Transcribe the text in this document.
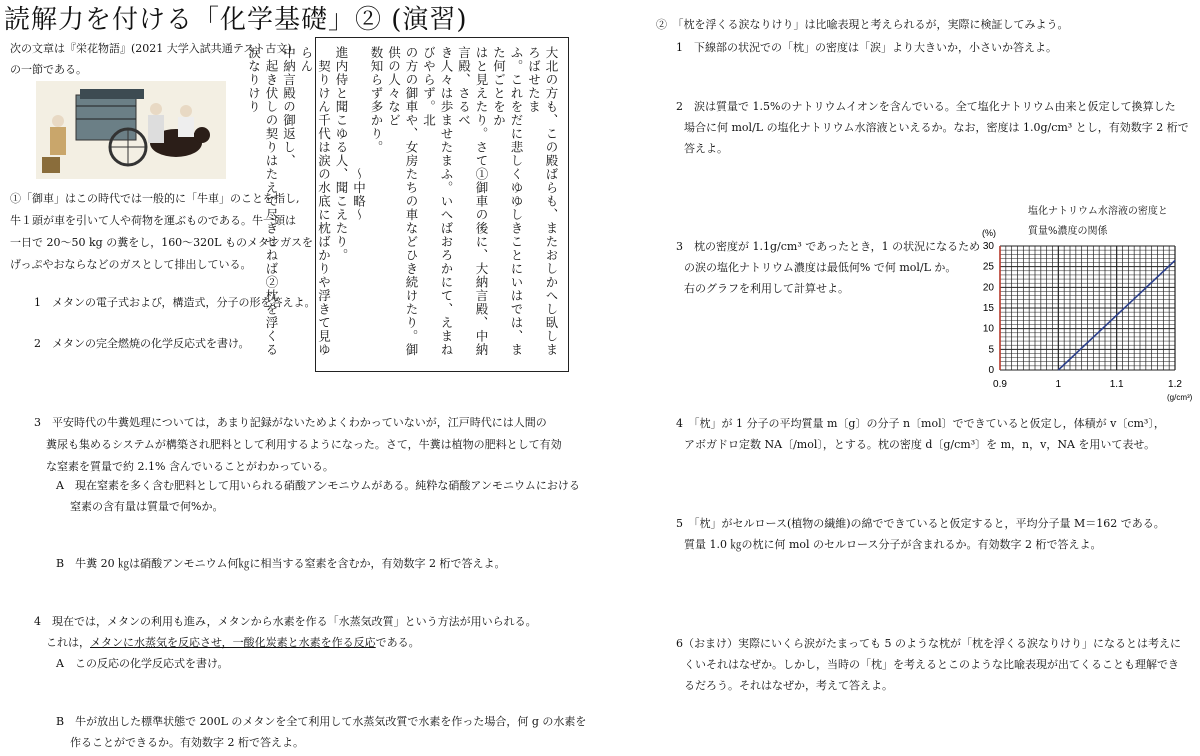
読解力を付ける「化学基礎」② (演習)
次の文章は『栄花物語』(2021 大学入試共通テスト古文)
の一節である。
①「御車」はこの時代では一般的に「牛車」のことを指し,
牛１頭が車を引いて人や荷物を運ぶものである。牛一頭は
一日で 20〜50 kg の糞をし，160〜320L ものメタンガスを
げっぷやおならなどのガスとして排出している。
1　メタンの電子式および，構造式，分子の形を答えよ。
2　メタンの完全燃焼の化学反応式を書け。	大北の方も、この殿ばらも、またおしかへし臥しまろばせたま
ふ。これをだに悲しくゆゆしきことにいはでは、また何ごとをか
はと見えたり。さて①御車の後に、大納言殿、中納言殿、さるべ
き人々は歩ませたまふ。いへばおろかにて、えまねびやらず。北
の方の御車や、女房たちの車などひき続けたり。御供の人々など
数知らず多かり。
　　　　　　　　　〜中略〜
進内侍と聞こゆる人、聞こえたり。
　契りけん千代は涙の水底に枕ばかりや浮きて見ゆらん
中納言殿の御返し、
　起き伏しの契りはたえて尽きせねば②枕を浮くる涙なりけり
3　平安時代の牛糞処理については，あまり記録がないためよくわかっていないが，江戸時代には人間の
糞尿も集めるシステムが構築され肥料として利用するようになった。さて，牛糞は植物の肥料として有効
な窒素を質量で約 2.1% 含んでいることがわかっている。
A　現在窒素を多く含む肥料として用いられる硝酸アンモニウムがある。純粋な硝酸アンモニウムにおける
窒素の含有量は質量で何%か。
B　牛糞 20 ㎏は硝酸アンモニウム何㎏に相当する窒素を含むか，有効数字 2 桁で答えよ。
4　現在では，メタンの利用も進み，メタンから水素を作る「水蒸気改質」という方法が用いられる。
これは，メタンに水蒸気を反応させ，一酸化炭素と水素を作る反応である。
A　この反応の化学反応式を書け。
B　牛が放出した標準状態で 200L のメタンを全て利用して水蒸気改質で水素を作った場合，何 g の水素を
作ることができるか。有効数字 2 桁で答えよ。
②　「枕を浮くる涙なりけり」は比喩表現と考えられるが，実際に検証してみよう。
1　下線部の状況での「枕」の密度は「涙」より大きいか，小さいか答えよ。
2　涙は質量で 1.5%のナトリウムイオンを含んでいる。全て塩化ナトリウム由来と仮定して換算した
場合に何 mol/L の塩化ナトリウム水溶液といえるか。なお，密度は 1.0g/cm³ とし，有効数字 2 桁で
答えよ。
3　枕の密度が 1.1g/cm³ であったとき，1 の状況になるため
の涙の塩化ナトリウム濃度は最低何% で何 mol/L か。
右のグラフを利用して計算せよ。
4　「枕」が 1 分子の平均質量 m〔g〕の分子 n〔mol〕でできていると仮定し，体積が v〔cm³〕，
アボガドロ定数 NA〔/mol〕，とする。枕の密度 d〔g/cm³〕を m，n，v，NA を用いて表せ。
5　「枕」がセルロース(植物の繊維)の綿でできていると仮定すると，平均分子量 M＝162 である。
質量 1.0 ㎏の枕に何 mol のセルロース分子が含まれるか。有効数字 2 桁で答えよ。
6（おまけ）実際にいくら涙がたまっても 5 のような枕が「枕を浮くる涙なりけり」になるとは考えに
くいそれはなぜか。しかし，当時の「枕」を考えるとこのような比喩表現が出てくることも理解でき
るだろう。それはなぜか，考えて答えよ。
塩化ナトリウム水溶液の密度と
質量%濃度の関係
0
5
10
15
20
25
30
0.9	1	1.1	1.2
(%)
(g/cm³)
